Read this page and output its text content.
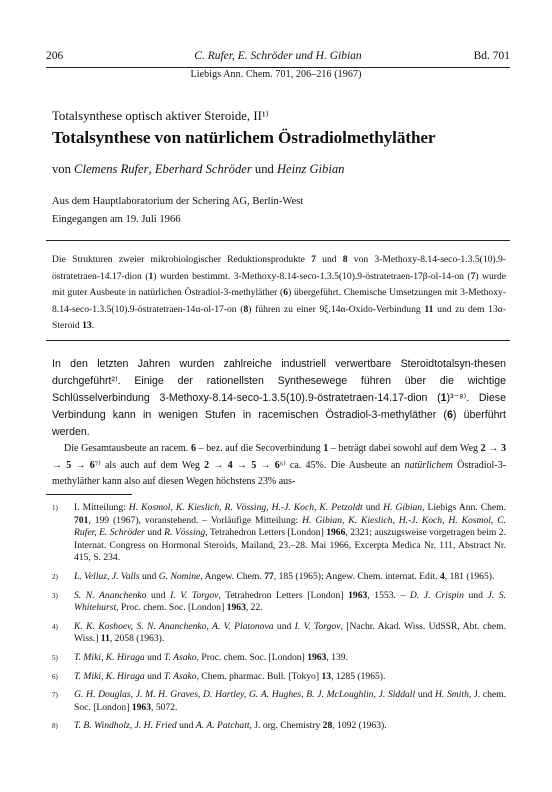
206	C. Rufer, E. Schröder und H. Gibian	Bd. 701
Liebigs Ann. Chem. 701, 206–216 (1967)
Totalsynthese optisch aktiver Steroide, II¹⁾
Totalsynthese von natürlichem Östradiolmethyläther
von Clemens Rufer, Eberhard Schröder und Heinz Gibian
Aus dem Hauptlaboratorium der Schering AG, Berlin-West
Eingegangen am 19. Juli 1966
Die Strukturen zweier mikrobiologischer Reduktionsprodukte 7 und 8 von 3-Methoxy-8.14-seco-1.3.5(10).9-östratetraen-14.17-dion (1) wurden bestimmt. 3-Methoxy-8.14-seco-1.3.5(10).9-östratetraen-17β-ol-14-on (7) wurde mit guter Ausbeute in natürlichen Östradiol-3-methyläther (6) übergeführt. Chemische Umsetzungen mit 3-Methoxy-8.14-seco-1.3.5(10).9-östratetraen-14α-ol-17-on (8) führen zu einer 9ξ.14α-Oxido-Verbindung 11 und zu dem 13α-Steroid 13.
In den letzten Jahren wurden zahlreiche industriell verwertbare Steroidtotalsyn-thesen durchgeführt²⁾. Einige der rationellsten Synthesewege führen über die wichtige Schlüsselverbindung 3-Methoxy-8.14-seco-1.3.5(10).9-östratetraen-14.17-dion (1)³⁻⁸⁾. Diese Verbindung kann in wenigen Stufen in racemischen Östradiol-3-methyläther (6) überführt werden.
Die Gesamtausbeute an racem. 6 – bez. auf die Secoverbindung 1 – beträgt dabei sowohl auf dem Weg 2 → 3 → 5 → 6⁷⁾ als auch auf dem Weg 2 → 4 → 5 → 6⁶⁾ ca. 45%. Die Ausbeute an natürlichem Östradiol-3-methyläther kann also auf diesen Wegen höchstens 23% aus-
1) I. Mitteilung: H. Kosmol, K. Kieslich, R. Vössing, H.-J. Koch, K. Petzoldt und H. Gibian, Liebigs Ann. Chem. 701, 199 (1967), voranstehend. – Vorläufige Mitteilung: H. Gibian, K. Kieslich, H.-J. Koch, H. Kosmol, C. Rufer, E. Schröder und R. Vössing, Tetrahedron Letters [London] 1966, 2321; auszugsweise vorgetragen beim 2. Internat. Congress on Hormonal Steroids, Mailand, 23.–28. Mai 1966, Excerpta Medica Nr. 111, Abstract Nr. 415, S. 234.
2) L. Velluz, J. Valls und G. Nomine, Angew. Chem. 77, 185 (1965); Angew. Chem. internat. Edit. 4, 181 (1965).
3) S. N. Ananchenko und I. V. Torgov, Tetrahedron Letters [London] 1963, 1553. – D. J. Crispin und J. S. Whitehurst, Proc. chem. Soc. [London] 1963, 22.
4) K. K. Koshoev, S. N. Ananchenko, A. V. Platonova und I. V. Torgov, [Nachr. Akad. Wiss. UdSSR, Abt. chem. Wiss.] 11, 2058 (1963).
5) T. Miki, K. Hiraga und T. Asako, Proc. chem. Soc. [London] 1963, 139.
6) T. Miki, K. Hiraga und T. Asako, Chem. pharmac. Bull. [Tokyo] 13, 1285 (1965).
7) G. H. Douglas, J. M. H. Graves, D. Hartley, G. A. Hughes, B. J. McLoughlin, J. Siddall und H. Smith, J. chem. Soc. [London] 1963, 5072.
8) T. B. Windholz, J. H. Fried und A. A. Patchatt, J. org. Chemistry 28, 1092 (1963).
